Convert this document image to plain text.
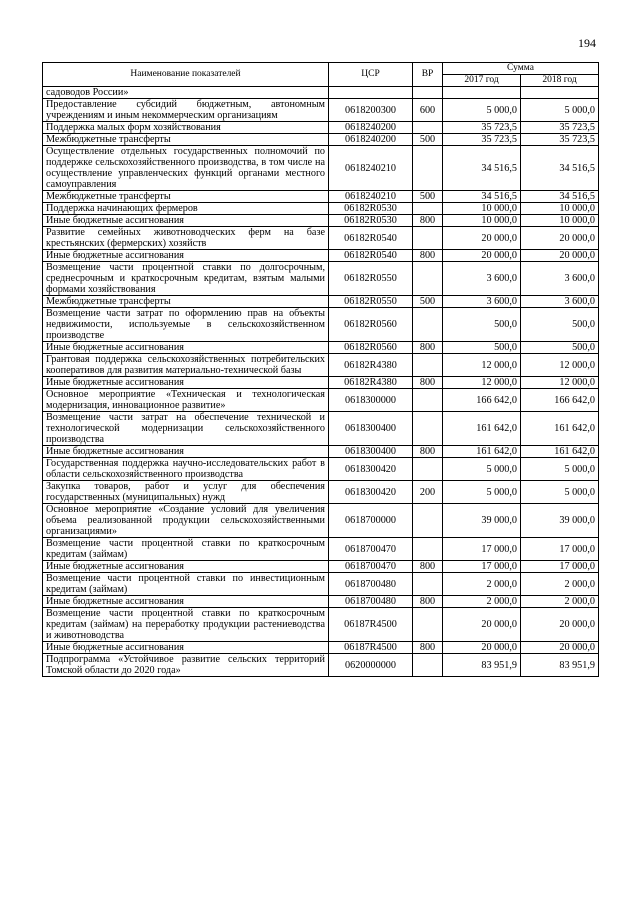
194
Наименование показателей	ЦСР	ВР	Сумма	
			2017 год	2018 год
садоводов России»				
Предоставление субсидий бюджетным, автономным учреждениям и иным некоммерческим организациям	0618200300	600	5 000,0	5 000,0
Поддержка малых форм хозяйствования	0618240200		35 723,5	35 723,5
Межбюджетные трансферты	0618240200	500	35 723,5	35 723,5
Осуществление отдельных государственных полномочий по поддержке сельскохозяйственного производства, в том числе на осуществление управленческих функций органами местного самоуправления	0618240210		34 516,5	34 516,5
Межбюджетные трансферты	0618240210	500	34 516,5	34 516,5
Поддержка начинающих фермеров	06182R0530		10 000,0	10 000,0
Иные бюджетные ассигнования	06182R0530	800	10 000,0	10 000,0
Развитие семейных животноводческих ферм на базе крестьянских (фермерских) хозяйств	06182R0540		20 000,0	20 000,0
Иные бюджетные ассигнования	06182R0540	800	20 000,0	20 000,0
Возмещение части процентной ставки по долгосрочным, среднесрочным и краткосрочным кредитам, взятым малыми формами хозяйствования	06182R0550		3 600,0	3 600,0
Межбюджетные трансферты	06182R0550	500	3 600,0	3 600,0
Возмещение части затрат по оформлению прав на объекты недвижимости, используемые в сельскохозяйственном производстве	06182R0560		500,0	500,0
Иные бюджетные ассигнования	06182R0560	800	500,0	500,0
Грантовая поддержка сельскохозяйственных потребительских кооперативов для развития материально-технической базы	06182R4380		12 000,0	12 000,0
Иные бюджетные ассигнования	06182R4380	800	12 000,0	12 000,0
Основное мероприятие «Техническая и технологическая модернизация, инновационное развитие»	0618300000		166 642,0	166 642,0
Возмещение части затрат на обеспечение технической и технологической модернизации сельскохозяйственного производства	0618300400		161 642,0	161 642,0
Иные бюджетные ассигнования	0618300400	800	161 642,0	161 642,0
Государственная поддержка научно-исследовательских работ в области сельскохозяйственного производства	0618300420		5 000,0	5 000,0
Закупка товаров, работ и услуг для обеспечения государственных (муниципальных) нужд	0618300420	200	5 000,0	5 000,0
Основное мероприятие «Создание условий для увеличения объема реализованной продукции сельскохозяйственными организациями»	0618700000		39 000,0	39 000,0
Возмещение части процентной ставки по краткосрочным кредитам (займам)	0618700470		17 000,0	17 000,0
Иные бюджетные ассигнования	0618700470	800	17 000,0	17 000,0
Возмещение части процентной ставки по инвестиционным кредитам (займам)	0618700480		2 000,0	2 000,0
Иные бюджетные ассигнования	0618700480	800	2 000,0	2 000,0
Возмещение части процентной ставки по краткосрочным кредитам (займам) на переработку продукции растениеводства и животноводства	06187R4500		20 000,0	20 000,0
Иные бюджетные ассигнования	06187R4500	800	20 000,0	20 000,0
Подпрограмма «Устойчивое развитие сельских территорий Томской области до 2020 года»	0620000000		83 951,9	83 951,9
